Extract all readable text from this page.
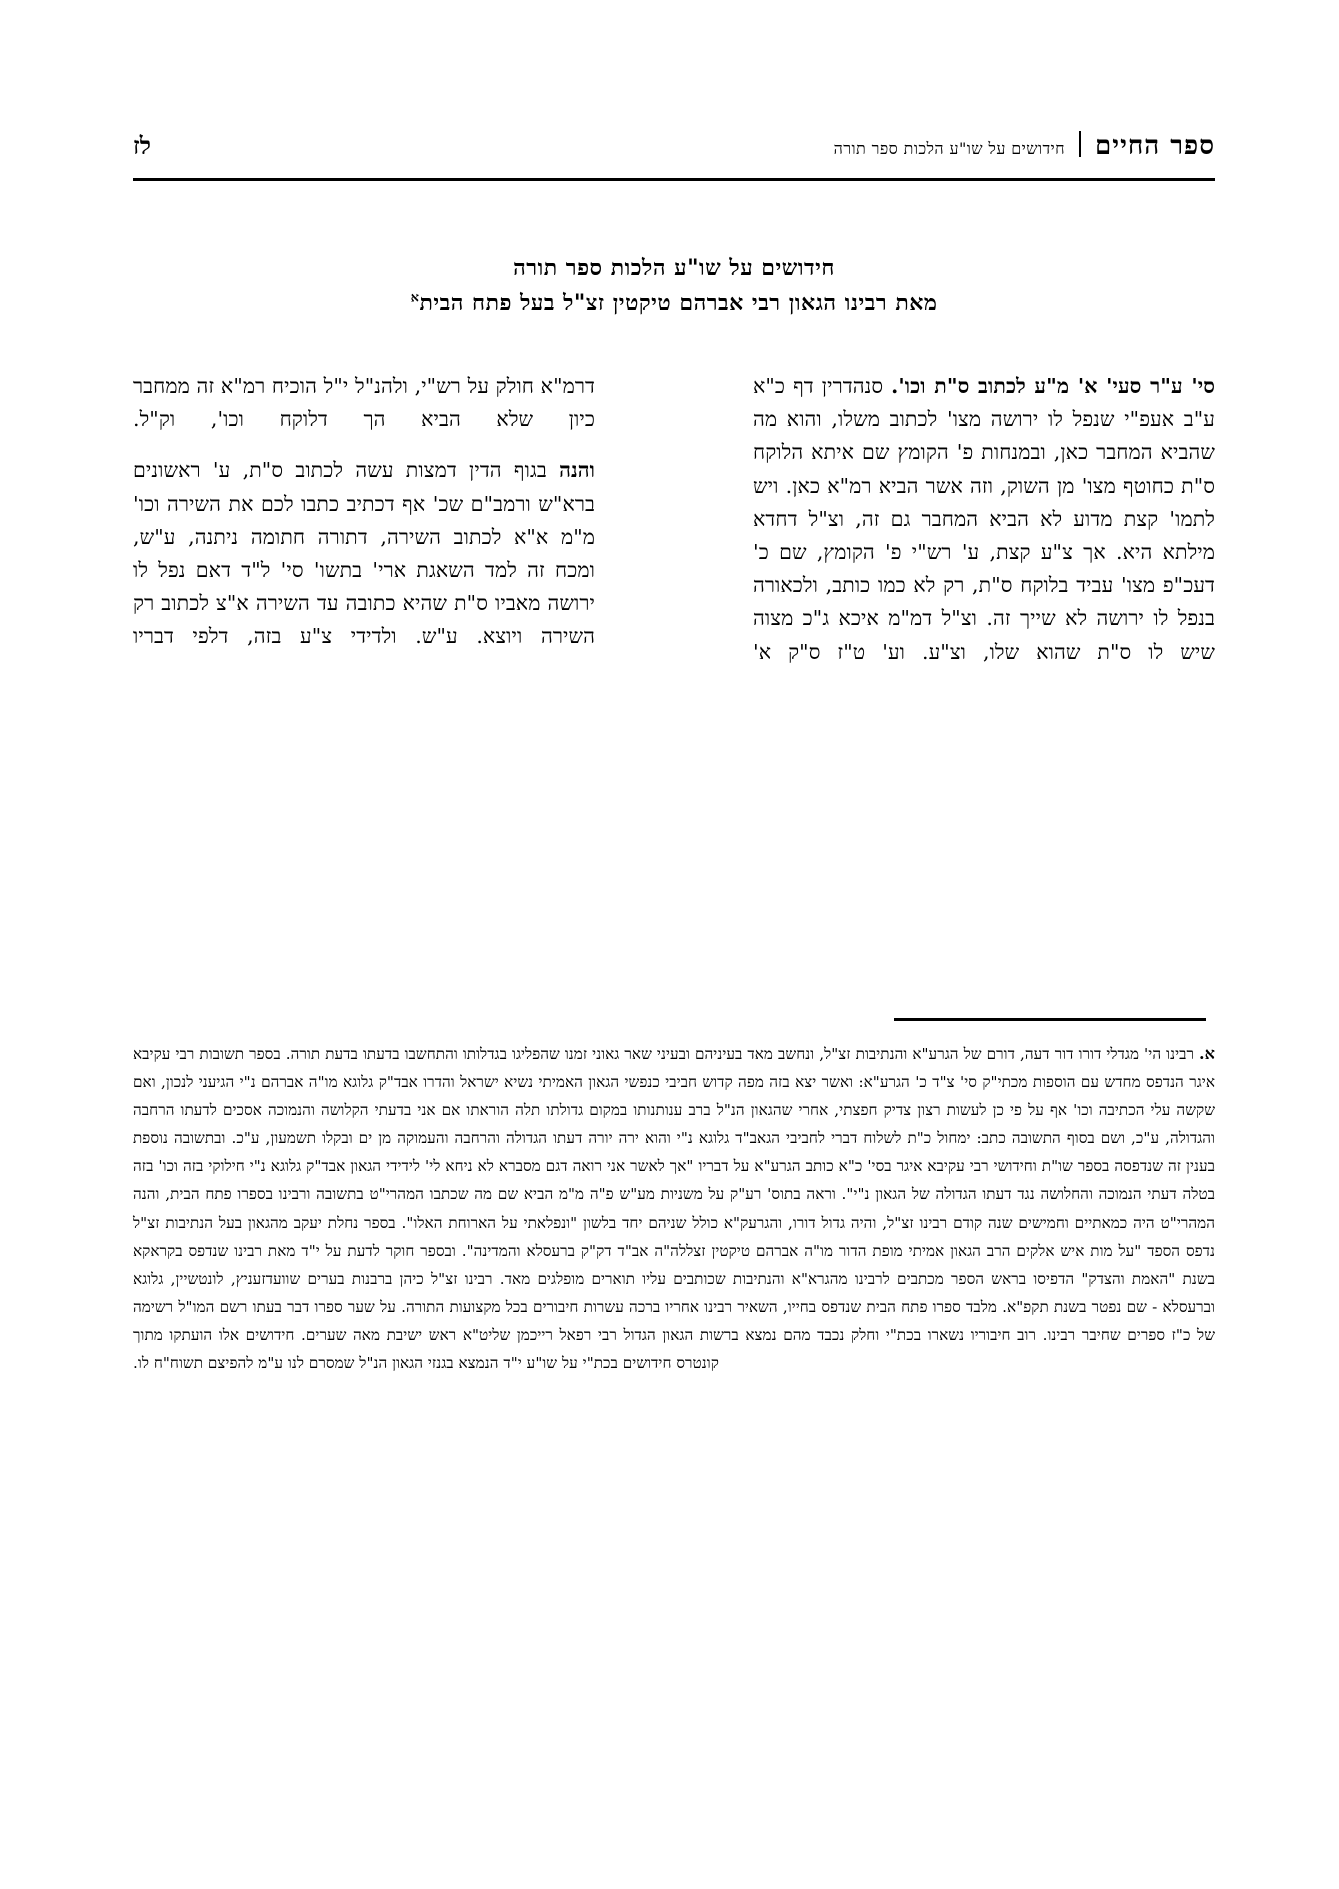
ספר החיים
חידושים על שו"ע הלכות ספר תורה
לז
חידושים על שו"ע הלכות ספר תורה
מאת רבינו הגאון רבי אברהם טיקטין זצ"ל בעל פתח הבית$^א$

סי' ע"ר סעי' א' מ"ע לכתוב ס"ת וכו'. סנהדרין דף כ"א ע"ב אעפ"י שנפל לו ירושה מצו' לכתוב משלו, והוא מה שהביא המחבר כאן, ובמנחות פ' הקומץ שם איתא הלוקח ס"ת כחוטף מצו' מן השוק, וזה אשר הביא רמ"א כאן. ויש לתמו' קצת מדוע לא הביא המחבר גם זה, וצ"ל דחדא מילתא היא. אך צ"ע קצת, ע' רש"י פ' הקומץ, שם כ' דעכ"פ מצו' עביד בלוקח ס"ת, רק לא כמו כותב, ולכאורה בנפל לו ירושה לא שייך זה. וצ"ל דמ"מ איכא ג"כ מצוה שיש לו ס"ת שהוא שלו, וצ"ע. וע' ט"ז ס"ק א'

דרמ"א חולק על רש"י, ולהנ"ל י"ל הוכיח רמ"א זה ממחבר כיון שלא הביא הך דלוקח וכו', וק"ל.

והנה בגוף הדין דמצות עשה לכתוב ס"ת, ע' ראשונים ברא"ש ורמב"ם שכ' אף דכתיב כתבו לכם את השירה וכו' מ"מ א"א לכתוב השירה, דתורה חתומה ניתנה, ע"ש, ומכח זה למד השאגת ארי' בתשו' סי' ל"ד דאם נפל לו ירושה מאביו ס"ת שהיא כתובה עד השירה א"צ לכתוב רק השירה ויוצא. ע"ש. ולדידי צ"ע בזה, דלפי דבריו

א. רבינו הי' מגדלי דורו דור דעה, דורם של הגרע"א והנתיבות זצ"ל, ונחשב מאד בעיניהם ובעיני שאר גאוני זמנו שהפליגו בגדלותו והתחשבו בדעתו בדעת תורה. בספר תשובות רבי עקיבא איגר הנדפס מחדש עם הוספות מכתי"ק סי' צ"ד כ' הגרע"א: ואשר יצא בזה מפה קדוש חביבי כנפשי הגאון האמיתי נשיא ישראל והדרו אבד"ק גלוגא מו"ה אברהם נ"י הגיעני לנכון, ואם שקשה עלי הכתיבה וכו' אף על פי כן לעשות רצון צדיק חפצתי, אחרי שהגאון הנ"ל ברב ענותנותו במקום גדולתו תלה הוראתו אם אני בדעתי הקלושה והנמוכה אסכים לדעתו הרחבה והגדולה, ע"כ, ושם בסוף התשובה כתב: ימחול כ"ת לשלוח דברי לחביבי הגאב"ד גלוגא נ"י והוא ירה יורה דעתו הגדולה והרחבה והעמוקה מן ים ובקלו תשמעון, ע"כ. ובתשובה נוספת בענין זה שנדפסה בספר שו"ת וחידושי רבי עקיבא איגר בסי' כ"א כותב הגרע"א על דבריו "אך לאשר אני רואה דגם מסברא לא ניחא לי' לידידי הגאון אבד"ק גלוגא נ"י חילוקי בזה וכו' בזה בטלה דעתי הנמוכה והחלושה נגד דעתו הגדולה של הגאון נ"י". וראה בתוס' רע"ק על משניות מע"ש פ"ה מ"מ הביא שם מה שכתבו המהרי"ט בתשובה ורבינו בספרו פתח הבית, והנה המהרי"ט היה כמאתיים וחמישים שנה קודם רבינו זצ"ל, והיה גדול דורו, והגרעק"א כולל שניהם יחד בלשון "ונפלאתי על הארוחת האלו". בספר נחלת יעקב מהגאון בעל הנתיבות זצ"ל נדפס הספד "על מות איש אלקים הרב הגאון אמיתי מופת הדור מו"ה אברהם טיקטין זצללה"ה אב"ד דק"ק ברעסלא והמדינה". ובספר חוקר לדעת על י"ד מאת רבינו שנדפס בקראקא בשנת "האמת והצדק" הדפיסו בראש הספר מכתבים לרבינו מהגרא"א והנתיבות שכותבים עליו תוארים מופלגים מאד. רבינו זצ"ל כיהן ברבנות בערים שוועדזעניץ, לונטשיין, גלוגא וברעסלא - שם נפטר בשנת תקפ"א. מלבד ספרו פתח הבית שנדפס בחייו, השאיר רבינו אחריו ברכה עשרות חיבורים בכל מקצועות התורה. על שער ספרו דבר בעתו רשם המו"ל רשימה של כ"ז ספרים שחיבר רבינו. רוב חיבוריו נשארו בכת"י וחלק נכבד מהם נמצא ברשות הגאון הגדול רבי רפאל רייכמן שליט"א ראש ישיבת מאה שערים. חידושים אלו הועתקו מתוך קונטרס חידושים בכת"י על שו"ע י"ד הנמצא בגנזי הגאון הנ"ל שמסרם לנו ע"מ להפיצם תשוח"ח לו.
